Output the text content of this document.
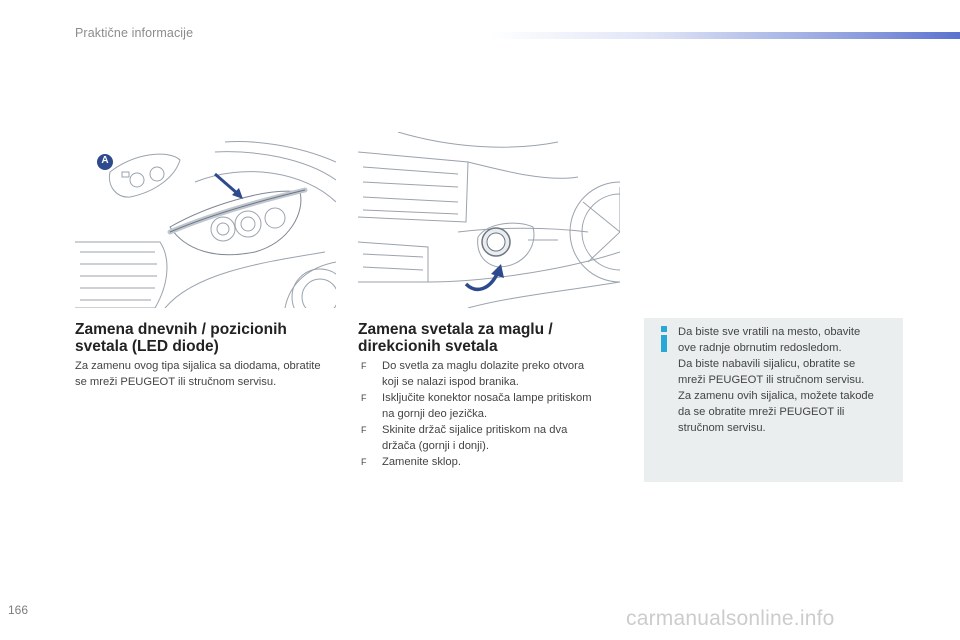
Praktične informacije
A
Zamena dnevnih / pozicionih
svetala (LED diode)

Za zamenu ovog tipa sijalica sa diodama, obratite se mreži PEUGEOT ili stručnom servisu.

Zamena svetala za maglu /
direkcionih svetala
F Do svetla za maglu dolazite preko otvora
koji se nalazi ispod branika.
F Isključite konektor nosača lampe pritiskom
na gornji deo jezička.
F Skinite držač sijalice pritiskom na dva
držača (gornji i donji).
F Zamenite sklop.

Da biste sve vratili na mesto, obavite

ove radnje obrnutim redosledom.

Da biste nabavili sijalicu, obratite se

mreži PEUGEOT ili stručnom servisu.

Za zamenu ovih sijalica, možete takođe

da se obratite mreži PEUGEOT ili

stručnom servisu.

166	carmanualsonline.info
